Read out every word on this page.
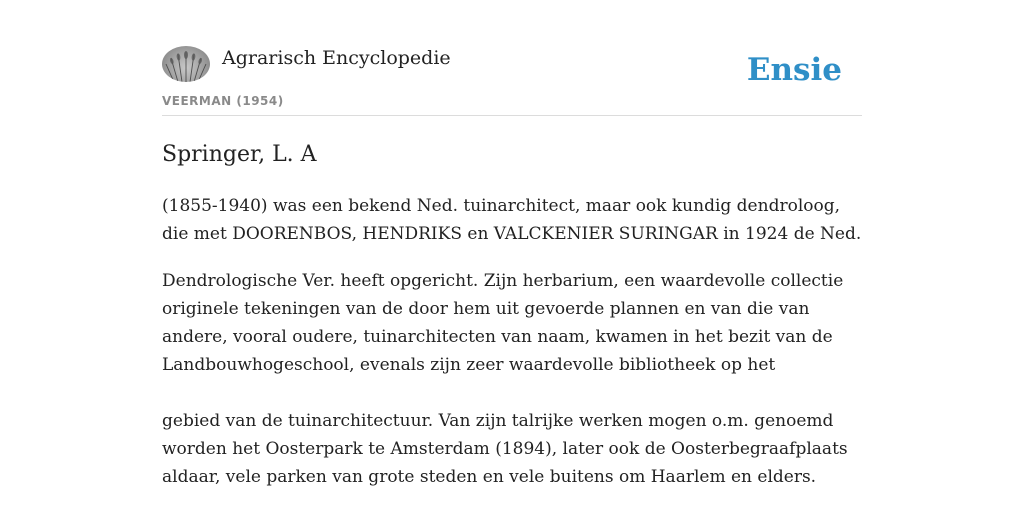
Agrarisch Encyclopedie
VEERMAN (1954)
Ensie
Springer, L. A

(1855-1940) was een bekend Ned. tuinarchitect, maar ook kundig dendroloog, die met DOORENBOS, HENDRIKS en VALCKENIER SURINGAR in 1924 de Ned.

Dendrologische Ver. heeft opgericht. Zijn herbarium, een waardevolle collectie originele tekeningen van de door hem uit gevoerde plannen en van die van andere, vooral oudere, tuinarchitecten van naam, kwamen in het bezit van de Landbouwhogeschool, evenals zijn zeer waardevolle bibliotheek op het

gebied van de tuinarchitectuur. Van zijn talrijke werken mogen o.m. genoemd worden het Oosterpark te Amsterdam (1894), later ook de Oosterbegraafplaats aldaar, vele parken van grote steden en vele buitens om Haarlem en elders.
